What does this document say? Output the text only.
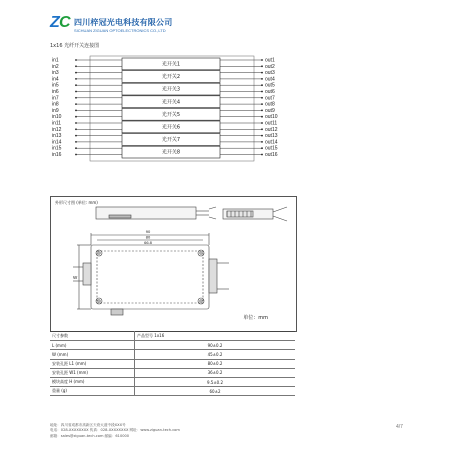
Z C 四川梓冠光电科技有限公司
SICHUAN ZIGUAN OPTOELECTRONICS CO.,LTD
1x16 光纤开关连接图
in1
in2
in3
in4
in5
in6
in7
in8
in9
in10
in11
in12
in13
in14
in15
in16
out1
out2
out3
out4
out5
out6
out7
out8
out9
out10
out11
out12
out13
out14
out15
out16
光开关1
光开关2
光开关3
光开关4
光开关5
光开关6
光开关7
光开关8
外形尺寸图 (单位: mm)
90
80
66.8
W
单位：mm
尺寸参数	产品型号 1x16
L (mm)	90±0.2
W (mm)	45±0.2
安装孔距 L1 (mm)	80±0.2
安装孔距 W1 (mm)	36±0.2
模块高度 H (mm)	9.5±0.2
重量 (g)	60±2
地址：四川省成都市高新区天府大道中段XXX号
电话：028-XXXXXXXX 传真：028-XXXXXXXX 网址：www.ziguan-tech.com
邮箱：sales@ziguan-tech.com 邮编：610000
4/7
